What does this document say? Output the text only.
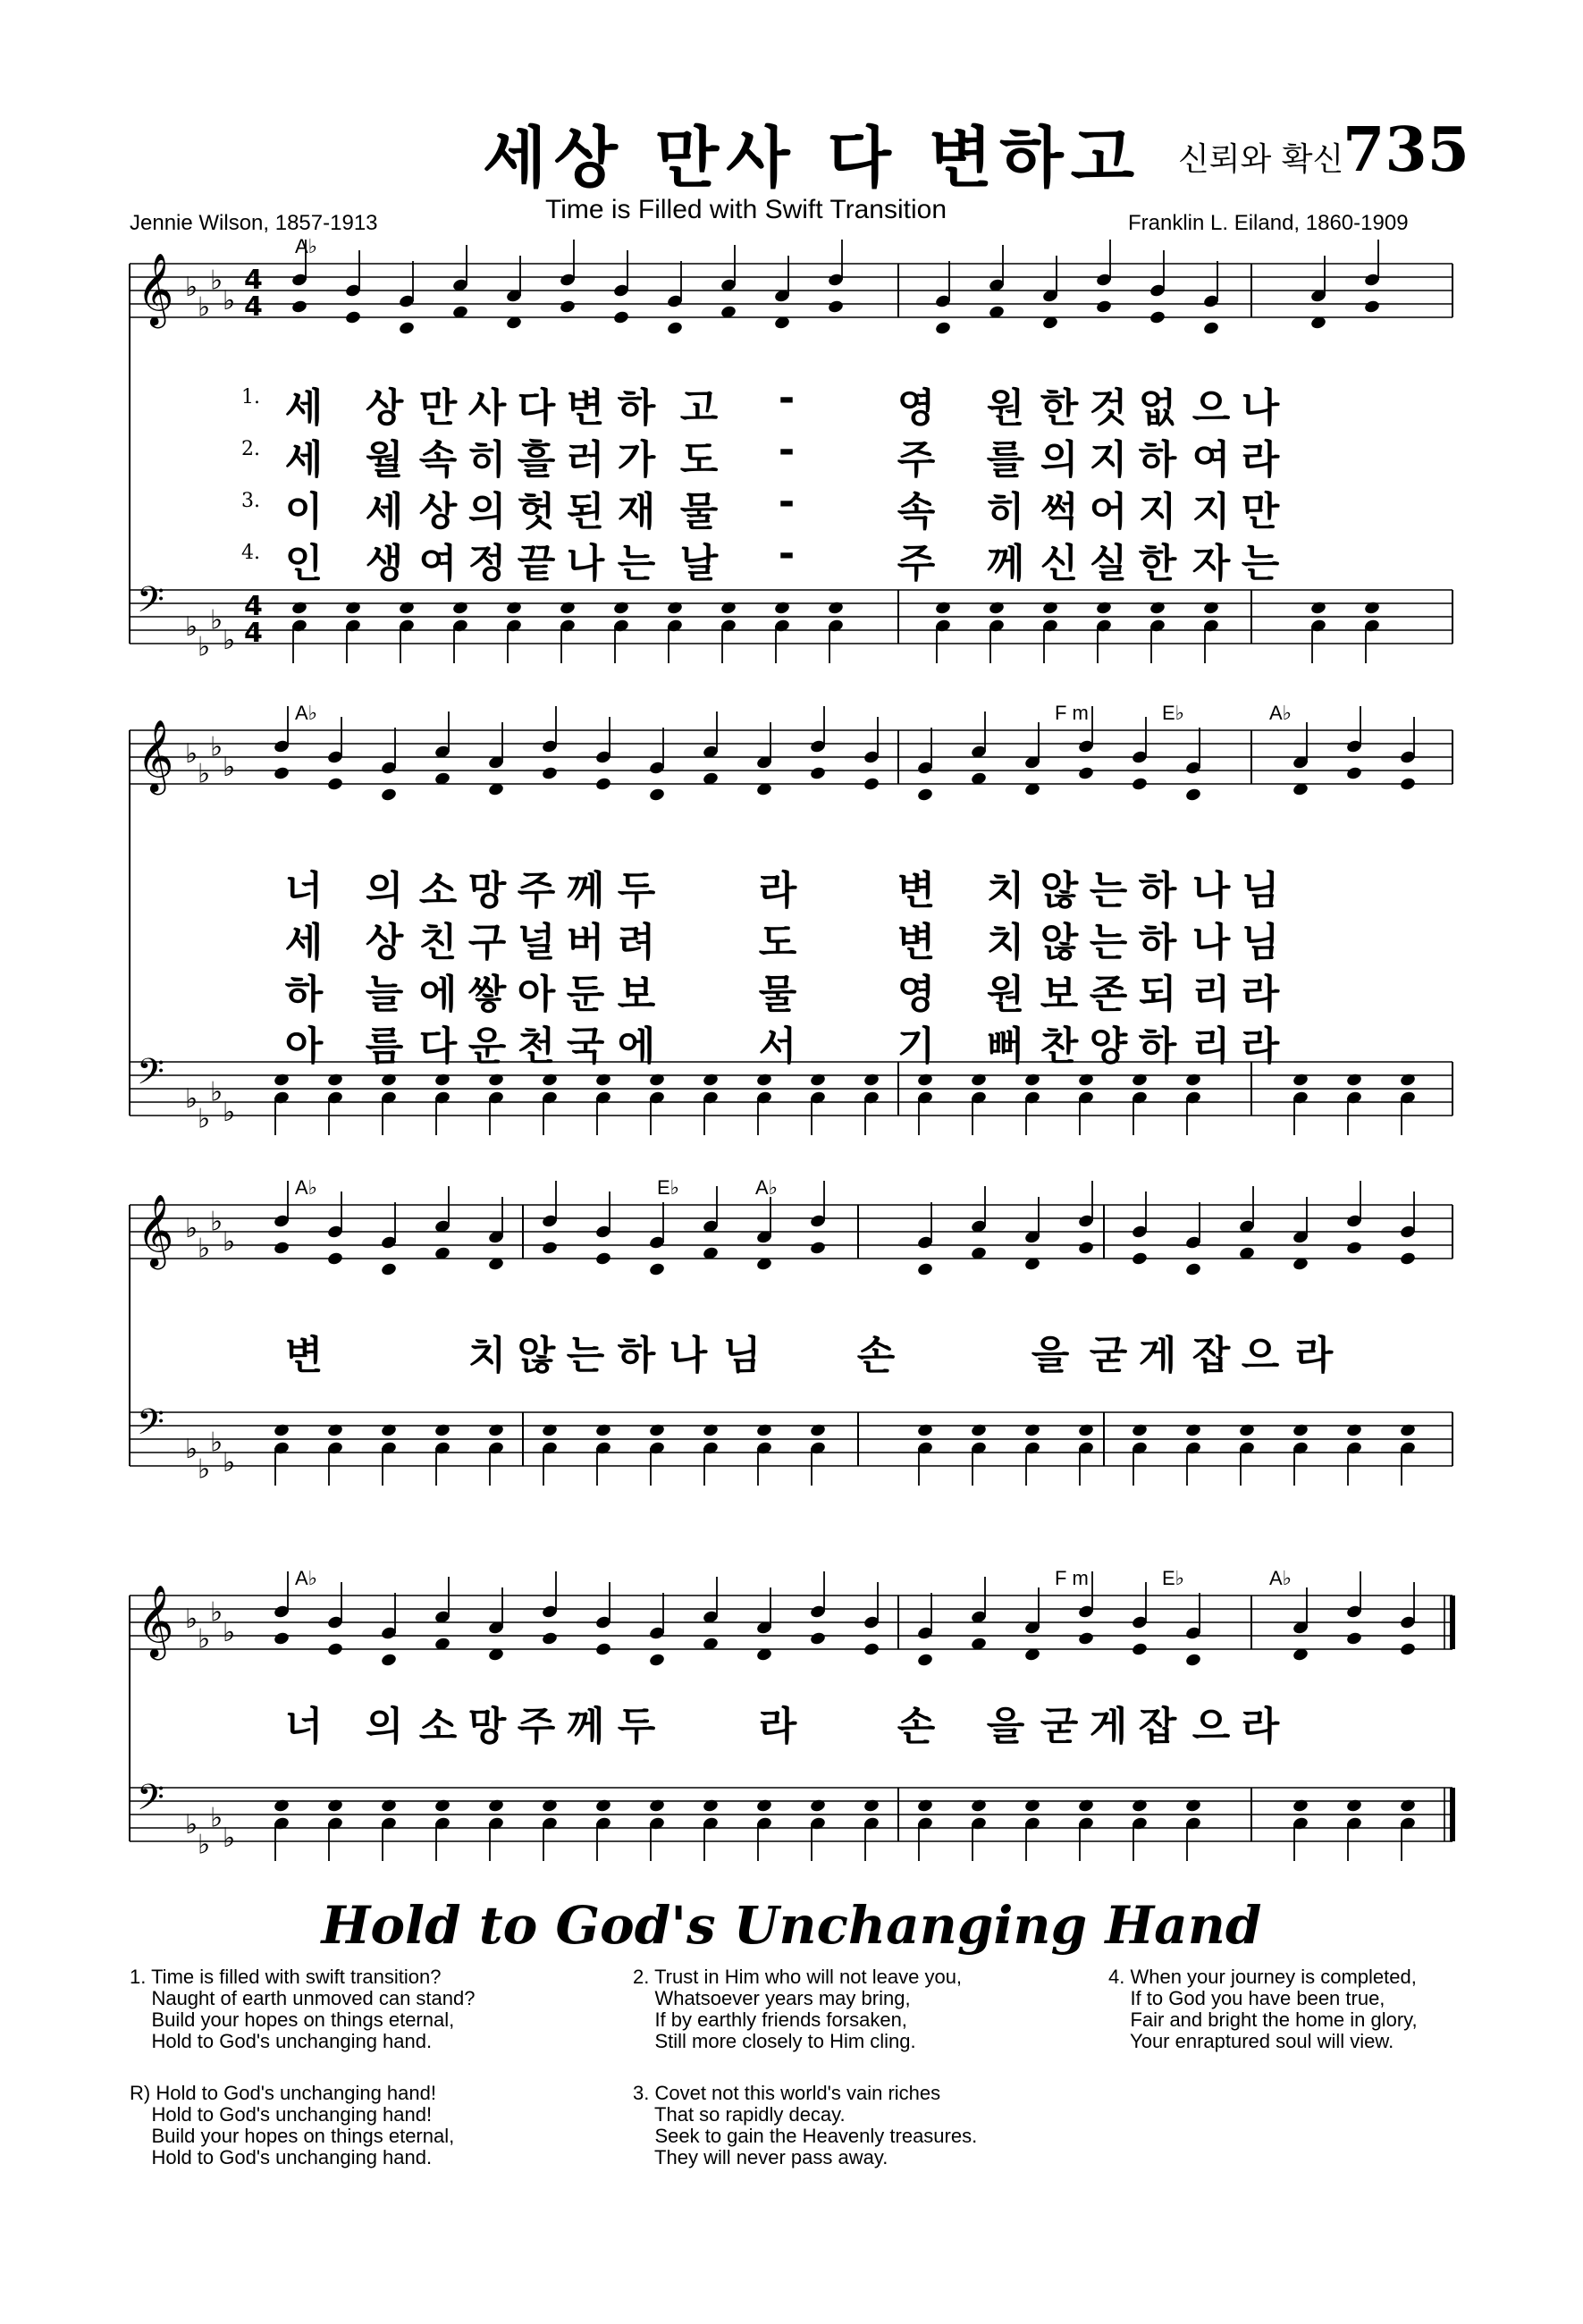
세상 만사 다 변하고 신뢰와 확신
735
Time is Filled with Swift Transition
Jennie Wilson, 1857-1913	Franklin L. Eiland, 1860-1909
𝄞 ♭
♭
♭
♭
4
4
𝄢 ♭
♭
♭
♭
4
4
A♭
𝄞 ♭
♭
♭
♭
𝄢 ♭
♭
♭
♭
A♭	F m	E♭	A♭
𝄞 ♭
♭
♭
♭
𝄢 ♭
♭
♭
♭
A♭	E♭	A♭
𝄞 ♭
♭
♭
♭
𝄢 ♭
♭
♭
♭
A♭	F m	E♭	A♭
1. 세 상 만 사 다 변 하 고 -	영 원 한 것 없 으 나
2. 세 월 속 히 흘 러 가 도 -	주 를 의 지 하 여 라
3. 이 세 상 의 헛 된 재 물 -	속 히 썩 어 지 지 만
4. 인 생 여 정 끝 나 는 날 -	주 께 신 실 한 자 는
너 의 소 망 주 께 두	라	변 치 않 는 하 나 님
세 상 친 구 널 버 려	도	변 치 않 는 하 나 님
하 늘 에 쌓 아 둔 보	물	영 원 보 존 되 리 라
아 름 다 운 천 국 에	서	기 뻐 찬 양 하 리 라
변	치 않 는 하 나 님 손	을 굳 게 잡 으 라
너 의 소 망 주 께 두	라	손 을 굳 게 잡 으 라
Hold to God's Unchanging Hand
1. Time is filled with swift transition?
Naught of earth unmoved can stand?
Build your hopes on things eternal,
Hold to God's unchanging hand.
R) Hold to God's unchanging hand!
Hold to God's unchanging hand!
Build your hopes on things eternal,
Hold to God's unchanging hand.
2. Trust in Him who will not leave you,
Whatsoever years may bring,
If by earthly friends forsaken,
Still more closely to Him cling.
3. Covet not this world's vain riches
That so rapidly decay.
Seek to gain the Heavenly treasures.
They will never pass away.
4. When your journey is completed,
If to God you have been true,
Fair and bright the home in glory,
Your enraptured soul will view.
